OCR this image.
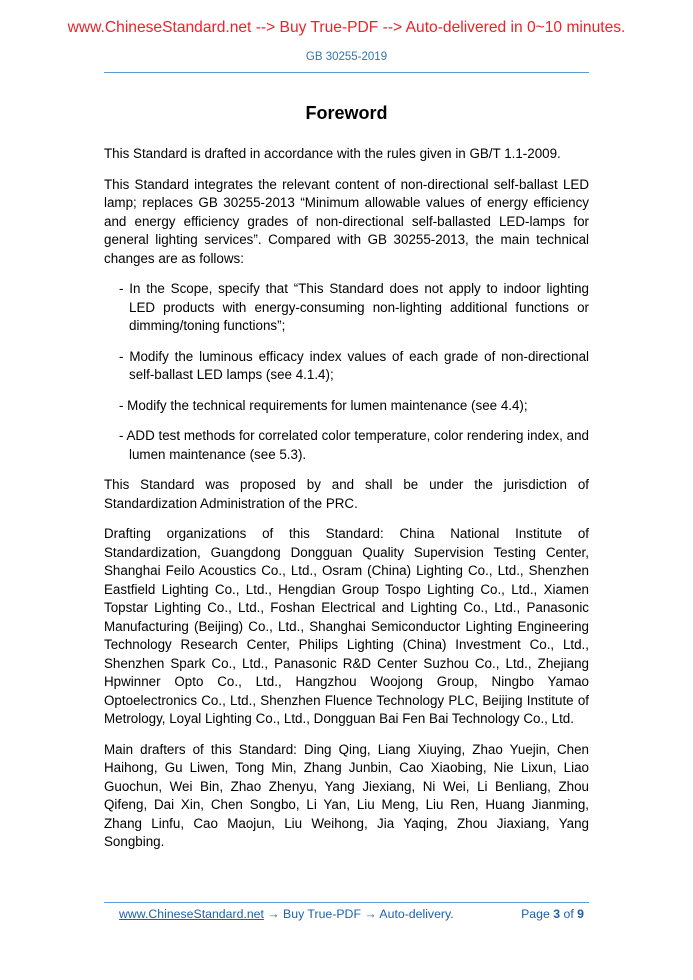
www.ChineseStandard.net --> Buy True-PDF --> Auto-delivered in 0~10 minutes.
GB 30255-2019
Foreword

This Standard is drafted in accordance with the rules given in GB/T 1.1-2009.

This Standard integrates the relevant content of non-directional self-ballast LED lamp; replaces GB 30255-2013 “Minimum allowable values of energy efficiency and energy efficiency grades of non-directional self-ballasted LED-lamps for general lighting services”. Compared with GB 30255-2013, the main technical changes are as follows:

- In the Scope, specify that “This Standard does not apply to indoor lighting LED products with energy-consuming non-lighting additional functions or dimming/toning functions”;

- Modify the luminous efficacy index values of each grade of non-directional self-ballast LED lamps (see 4.1.4);

- Modify the technical requirements for lumen maintenance (see 4.4);

- ADD test methods for correlated color temperature, color rendering index, and lumen maintenance (see 5.3).

This Standard was proposed by and shall be under the jurisdiction of Standardization Administration of the PRC.

Drafting organizations of this Standard: China National Institute of Standardization, Guangdong Dongguan Quality Supervision Testing Center, Shanghai Feilo Acoustics Co., Ltd., Osram (China) Lighting Co., Ltd., Shenzhen Eastfield Lighting Co., Ltd., Hengdian Group Tospo Lighting Co., Ltd., Xiamen Topstar Lighting Co., Ltd., Foshan Electrical and Lighting Co., Ltd., Panasonic Manufacturing (Beijing) Co., Ltd., Shanghai Semiconductor Lighting Engineering Technology Research Center, Philips Lighting (China) Investment Co., Ltd., Shenzhen Spark Co., Ltd., Panasonic R&D Center Suzhou Co., Ltd., Zhejiang Hpwinner Opto Co., Ltd., Hangzhou Woojong Group, Ningbo Yamao Optoelectronics Co., Ltd., Shenzhen Fluence Technology PLC, Beijing Institute of Metrology, Loyal Lighting Co., Ltd., Dongguan Bai Fen Bai Technology Co., Ltd.

Main drafters of this Standard: Ding Qing, Liang Xiuying, Zhao Yuejin, Chen Haihong, Gu Liwen, Tong Min, Zhang Junbin, Cao Xiaobing, Nie Lixun, Liao Guochun, Wei Bin, Zhao Zhenyu, Yang Jiexiang, Ni Wei, Li Benliang, Zhou Qifeng, Dai Xin, Chen Songbo, Li Yan, Liu Meng, Liu Ren, Huang Jianming, Zhang Linfu, Cao Maojun, Liu Weihong, Jia Yaqing, Zhou Jiaxiang, Yang Songbing.

www.ChineseStandard.net → Buy True-PDF → Auto-delivery.	Page 3 of 9
